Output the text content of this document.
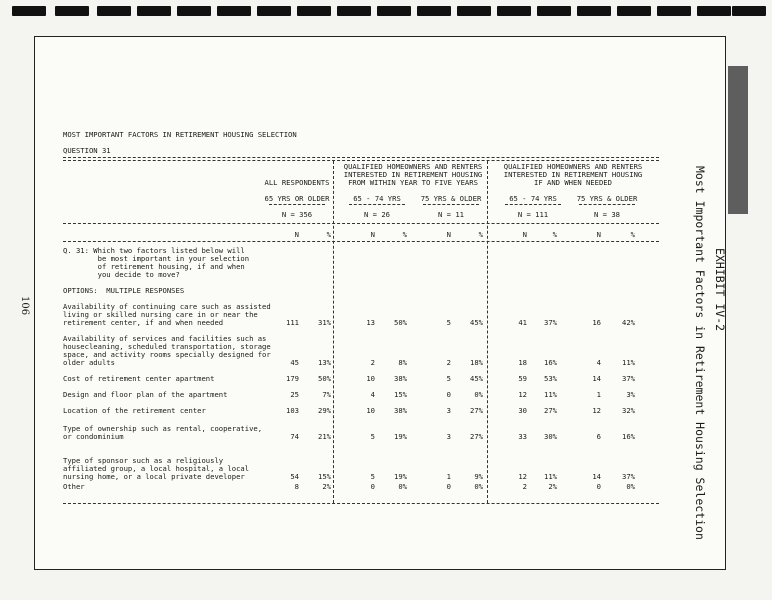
MOST IMPORTANT FACTORS IN RETIREMENT HOUSING SELECTION
QUESTION 31
QUALIFIED HOMEOWNERS AND RENTERS
INTERESTED IN RETIREMENT HOUSING
FROM WITHIN YEAR TO FIVE YEARS
QUALIFIED HOMEOWNERS AND RENTERS
INTERESTED IN RETIREMENT HOUSING
IF AND WHEN NEEDED
ALL RESPONDENTS
65 YRS OR OLDER	65 - 74 YRS	75 YRS & OLDER	65 - 74 YRS	75 YRS & OLDER
N = 356	N = 26	N = 11	N = 111	N = 38
N	%	N	%	N	%	N	%	N	%
Q. 31: Which two factors listed below will
be most important in your selection
of retirement housing, if and when
you decide to move?
OPTIONS:  MULTIPLE RESPONSES
Availability of continuing care such as assisted
living or skilled nursing care in or near the
retirement center, if and when needed	111	31%	13	50%	5	45%	41	37%	16	42%
Availability of services and facilities such as
housecleaning, scheduled transportation, storage
space, and activity rooms specially designed for
older adults	45	13%	2	8%	2	18%	18	16%	4	11%
Cost of retirement center apartment	179	50%	10	38%	5	45%	59	53%	14	37%
Design and floor plan of the apartment	25	7%	4	15%	0	0%	12	11%	1	3%
Location of the retirement center	103	29%	10	38%	3	27%	30	27%	12	32%
Type of ownership such as rental, cooperative,
or condominium	74	21%	5	19%	3	27%	33	30%	6	16%
Type of sponsor such as a religiously
affiliated group, a local hospital, a local
nursing home, or a local private developer	54	15%	5	19%	1	9%	12	11%	14	37%
Other	8	2%	0	0%	0	0%	2	2%	0	0%
106	EXHIBIT IV-2
Most Important Factors in Retirement Housing Selection
